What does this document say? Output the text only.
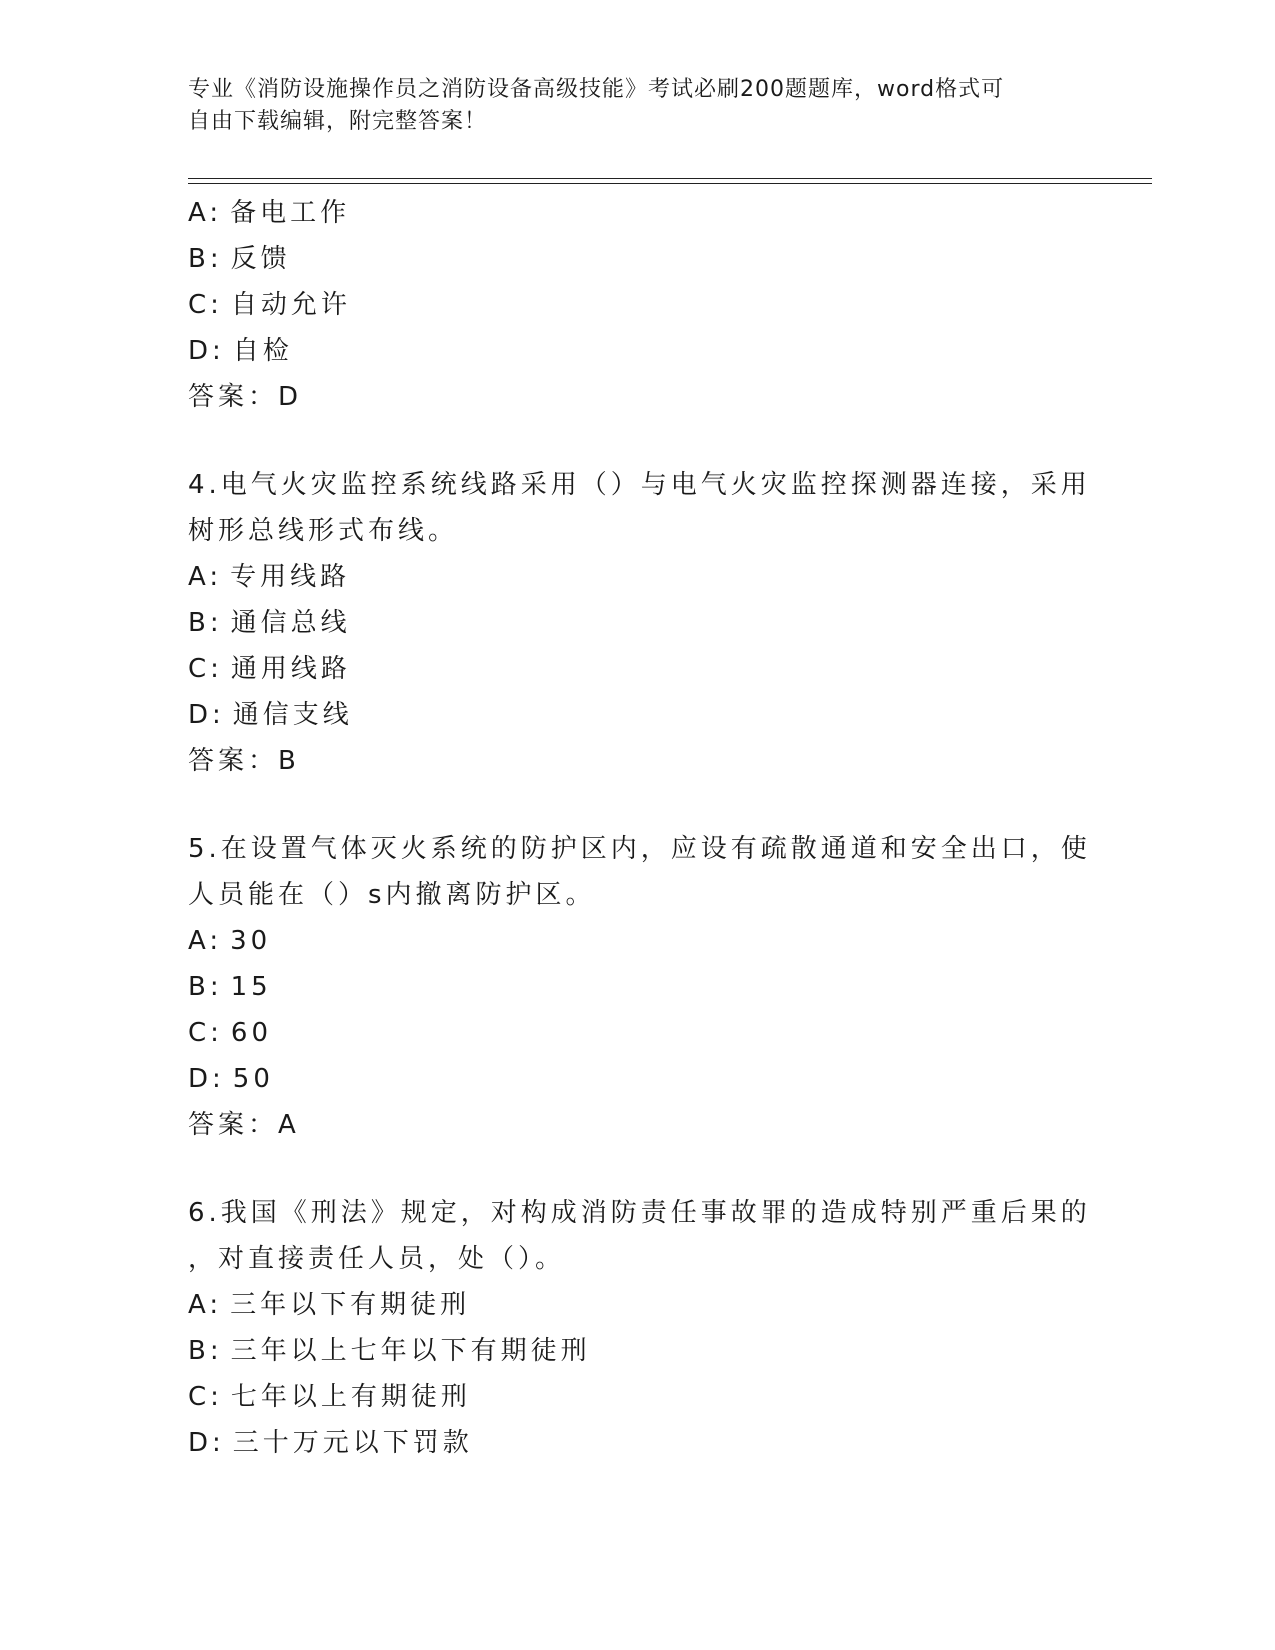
专业《消防设施操作员之消防设备高级技能》考试必刷200题题库，word格式可
自由下载编辑，附完整答案！
A: 备电工作
B: 反馈
C: 自动允许
D: 自检
答案：D
4.电气火灾监控系统线路采用（）与电气火灾监控探测器连接，采用
树形总线形式布线。
A: 专用线路
B: 通信总线
C: 通用线路
D: 通信支线
答案：B
5.在设置气体灭火系统的防护区内，应设有疏散通道和安全出口，使
人员能在（）s内撤离防护区。
A: 30
B: 15
C: 60
D: 50
答案：A
6.我国《刑法》规定，对构成消防责任事故罪的造成特别严重后果的
，对直接责任人员，处（）。
A: 三年以下有期徒刑
B: 三年以上七年以下有期徒刑
C: 七年以上有期徒刑
D: 三十万元以下罚款
